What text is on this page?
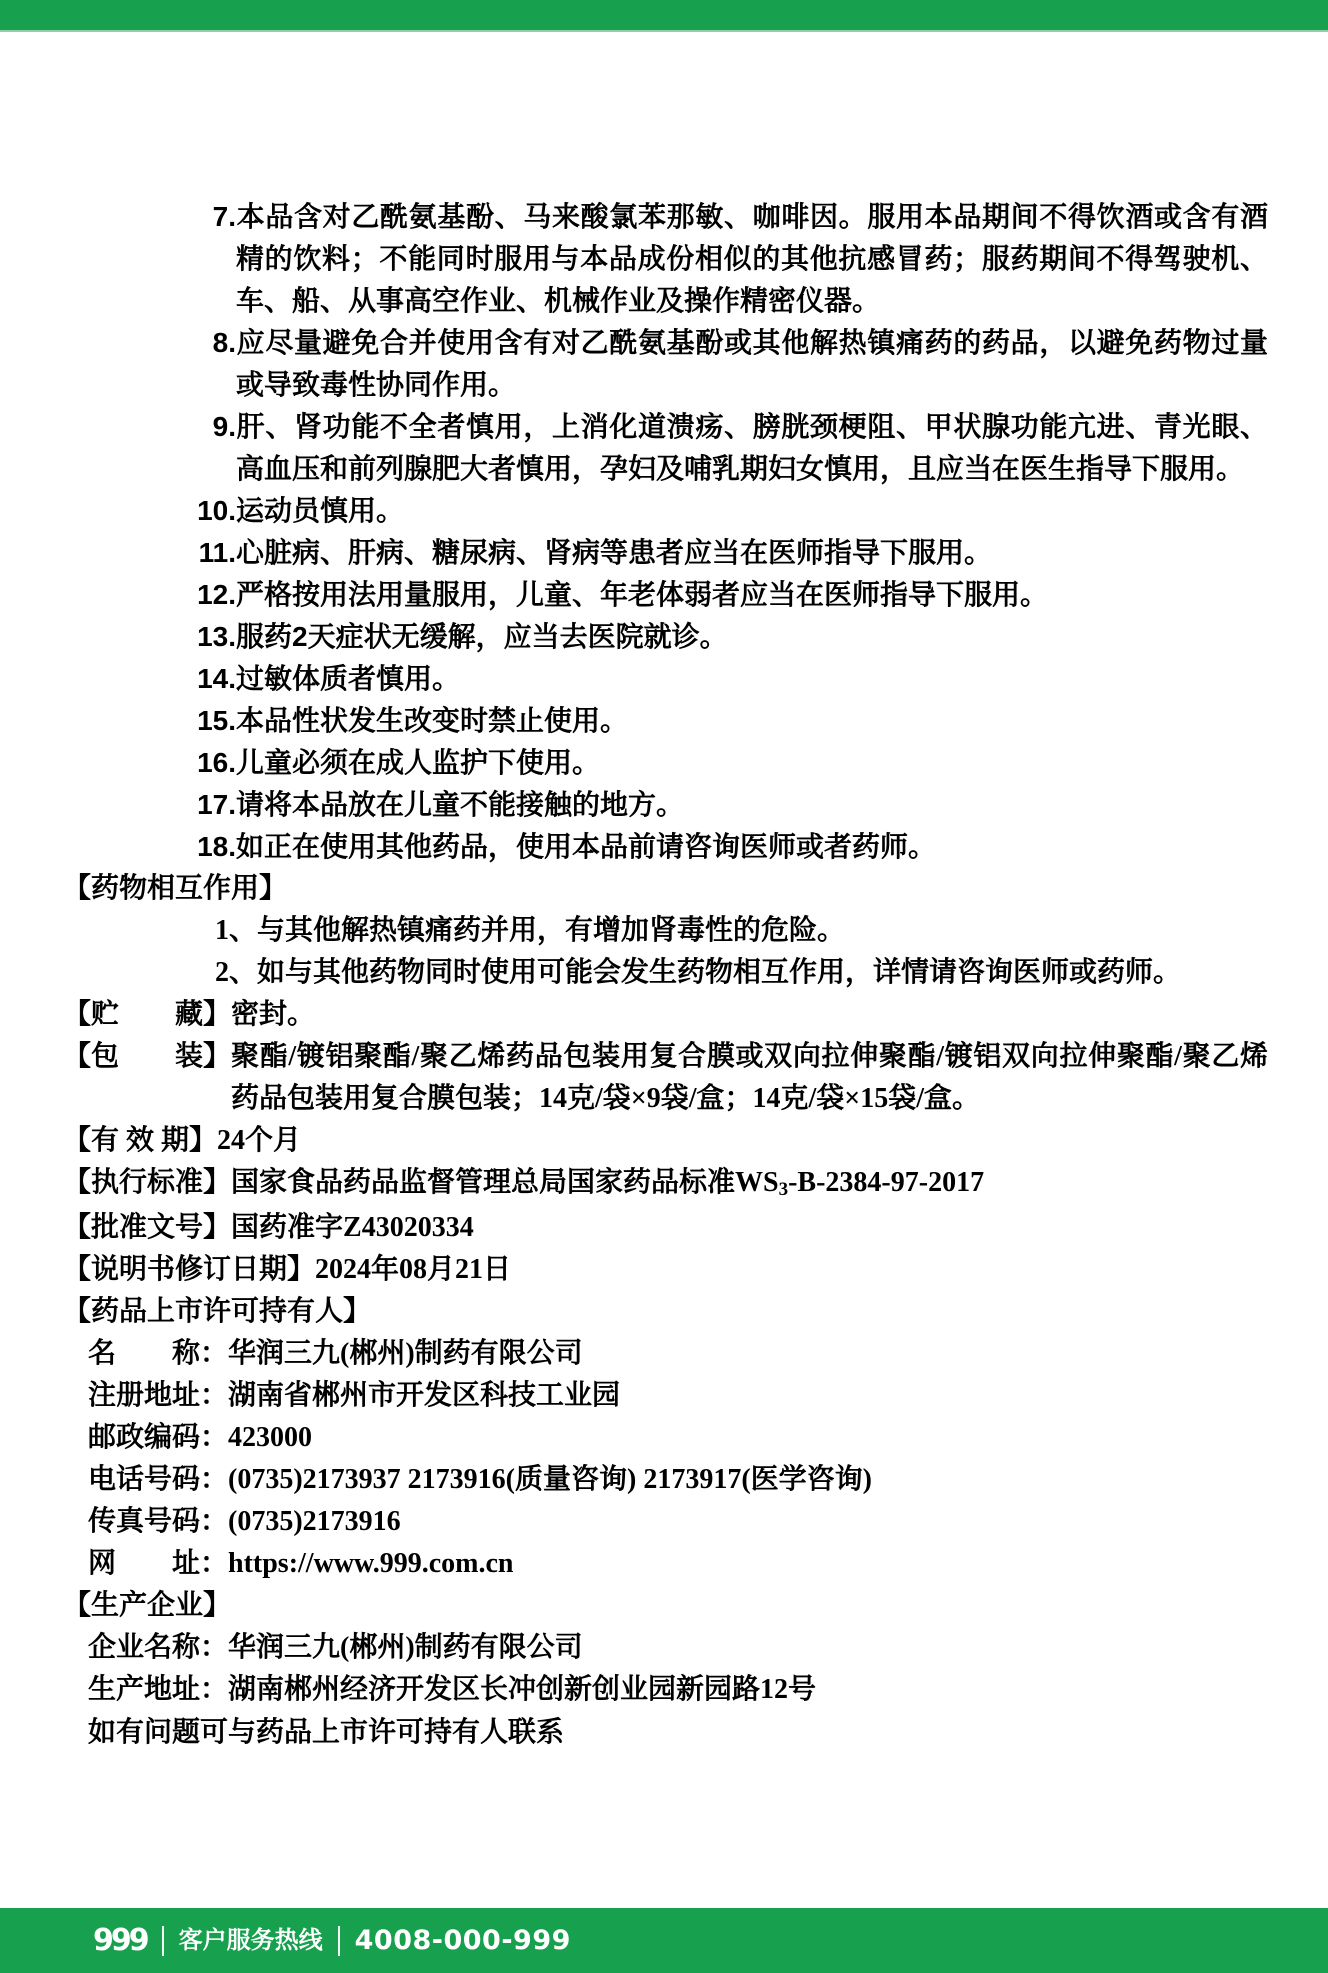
7.本品含对乙酰氨基酚、马来酸氯苯那敏、咖啡因。服用本品期间不得饮酒或含有酒精的饮料；不能同时服用与本品成份相似的其他抗感冒药；服药期间不得驾驶机、车、船、从事高空作业、机械作业及操作精密仪器。

8.应尽量避免合并使用含有对乙酰氨基酚或其他解热镇痛药的药品，以避免药物过量或导致毒性协同作用。

9.肝、肾功能不全者慎用，上消化道溃疡、膀胱颈梗阻、甲状腺功能亢进、青光眼、高血压和前列腺肥大者慎用，孕妇及哺乳期妇女慎用，且应当在医生指导下服用。

10.运动员慎用。

11.心脏病、肝病、糖尿病、肾病等患者应当在医师指导下服用。

12.严格按用法用量服用，儿童、年老体弱者应当在医师指导下服用。

13.服药2天症状无缓解，应当去医院就诊。

14.过敏体质者慎用。

15.本品性状发生改变时禁止使用。

16.儿童必须在成人监护下使用。

17.请将本品放在儿童不能接触的地方。

18.如正在使用其他药品，使用本品前请咨询医师或者药师。

【药物相互作用】

1、与其他解热镇痛药并用，有增加肾毒性的危险。

2、如与其他药物同时使用可能会发生药物相互作用，详情请咨询医师或药师。

【贮　　藏】密封。

【包　　装】 聚酯/镀铝聚酯/聚乙烯药品包装用复合膜或双向拉伸聚酯/镀铝双向拉伸聚酯/聚乙烯药品包装用复合膜包装；14克/袋×9袋/盒；14克/袋×15袋/盒。

【有 效 期】24个月

【执行标准】国家食品药品监督管理总局国家药品标准WS3-B-2384-97-2017

【批准文号】国药准字Z43020334

【说明书修订日期】2024年08月21日

【药品上市许可持有人】

名　　称：华润三九(郴州)制药有限公司

注册地址：湖南省郴州市开发区科技工业园

邮政编码：423000

电话号码：(0735)2173937 2173916(质量咨询) 2173917(医学咨询)

传真号码：(0735)2173916

网　　址：https://www.999.com.cn

【生产企业】

企业名称：华润三九(郴州)制药有限公司

生产地址：湖南郴州经济开发区长冲创新创业园新园路12号

如有问题可与药品上市许可持有人联系

999 客户服务热线 4008-000-999
